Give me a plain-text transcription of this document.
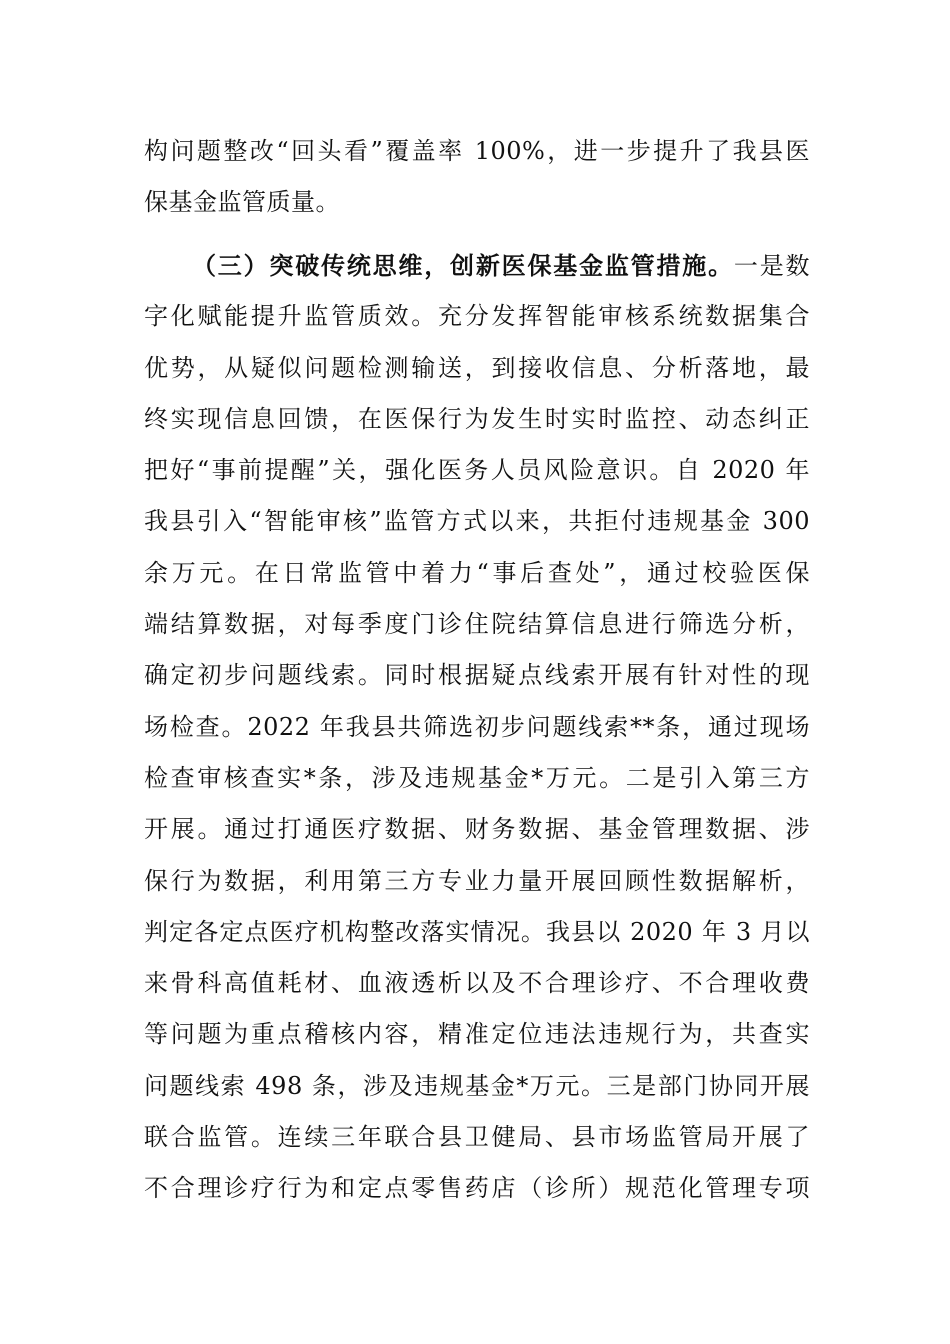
构问题整改“回头看”覆盖率 100%，进一步提升了我县医
保基金监管质量。
（三）突破传统思维，创新医保基金监管措施。一是数
字化赋能提升监管质效。充分发挥智能审核系统数据集合
优势，从疑似问题检测输送，到接收信息、分析落地，最
终实现信息回馈，在医保行为发生时实时监控、动态纠正
把好“事前提醒”关，强化医务人员风险意识。自 2020 年
我县引入“智能审核”监管方式以来，共拒付违规基金 300
余万元。在日常监管中着力“事后查处”，通过校验医保
端结算数据，对每季度门诊住院结算信息进行筛选分析，
确定初步问题线索。同时根据疑点线索开展有针对性的现
场检查。2022 年我县共筛选初步问题线索**条，通过现场
检查审核查实*条，涉及违规基金*万元。二是引入第三方
开展。通过打通医疗数据、财务数据、基金管理数据、涉
保行为数据，利用第三方专业力量开展回顾性数据解析，
判定各定点医疗机构整改落实情况。我县以 2020 年 3 月以
来骨科高值耗材、血液透析以及不合理诊疗、不合理收费
等问题为重点稽核内容，精准定位违法违规行为，共查实
问题线索 498 条，涉及违规基金*万元。三是部门协同开展
联合监管。连续三年联合县卫健局、县市场监管局开展了
不合理诊疗行为和定点零售药店（诊所）规范化管理专项
